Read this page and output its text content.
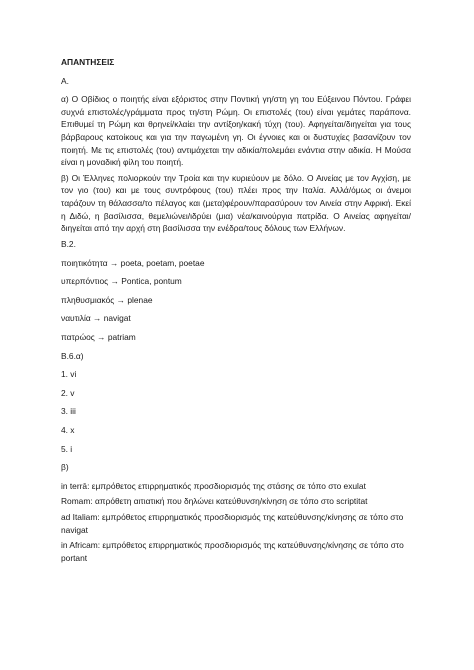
ΑΠΑΝΤΗΣΕΙΣ
Α.
α) Ο Οβίδιος ο ποιητής είναι εξόριστος στην Ποντική γη/στη γη του Εύξεινου Πόντου. Γράφει συχνά επιστολές/γράμματα προς τη/στη Ρώμη. Οι επιστολές (του) είναι γεμάτες παράπονα. Επιθυμεί τη Ρώμη και θρηνεί/κλαίει την αντίξοη/κακή τύχη (του). Αφηγείται/διηγείται για τους βάρβαρους κατοίκους και για την παγωμένη γη. Οι έγνοιες και οι δυστυχίες βασανίζουν τον ποιητή. Με τις επιστολές (του) αντιμάχεται την αδικία/πολεμάει ενάντια στην αδικία. Η Μούσα είναι η μοναδική φίλη του ποιητή.
β) Οι Έλληνες πολιορκούν την Τροία και την κυριεύουν με δόλο. Ο Αινείας με τον Αγχίση, με τον γιο (του) και με τους συντρόφους (του) πλέει προς την Ιταλία. Αλλά/όμως οι άνεμοι ταράζουν τη θάλασσα/το πέλαγος και (μετα)φέρουν/παρασύρουν τον Αινεία στην Αφρική. Εκεί η Διδώ, η βασίλισσα, θεμελιώνει/ιδρύει (μια) νέα/καινούργια πατρίδα. Ο Αινείας αφηγείται/διηγείται από την αρχή στη βασίλισσα την ενέδρα/τους δόλους των Ελλήνων.
Β.2.
ποιητικότητα → poeta, poetam, poetae
υπερπόντιος → Pontica, pontum
πληθυσμιακός → plenae
ναυτιλία → navigat
πατρώος → patriam
Β.6.α)
1. vi
2. v
3. iii
4. x
5. i
β)
in terrā: εμπρόθετος επιρρηματικός προσδιορισμός της στάσης σε τόπο στο exulat
Romam: απρόθετη αιτιατική που δηλώνει κατεύθυνση/κίνηση σε τόπο στο scriptitat
ad Italiam: εμπρόθετος επιρρηματικός προσδιορισμός της κατεύθυνσης/κίνησης σε τόπο στο navigat
in Africam: εμπρόθετος επιρρηματικός προσδιορισμός της κατεύθυνσης/κίνησης σε τόπο στο portant
